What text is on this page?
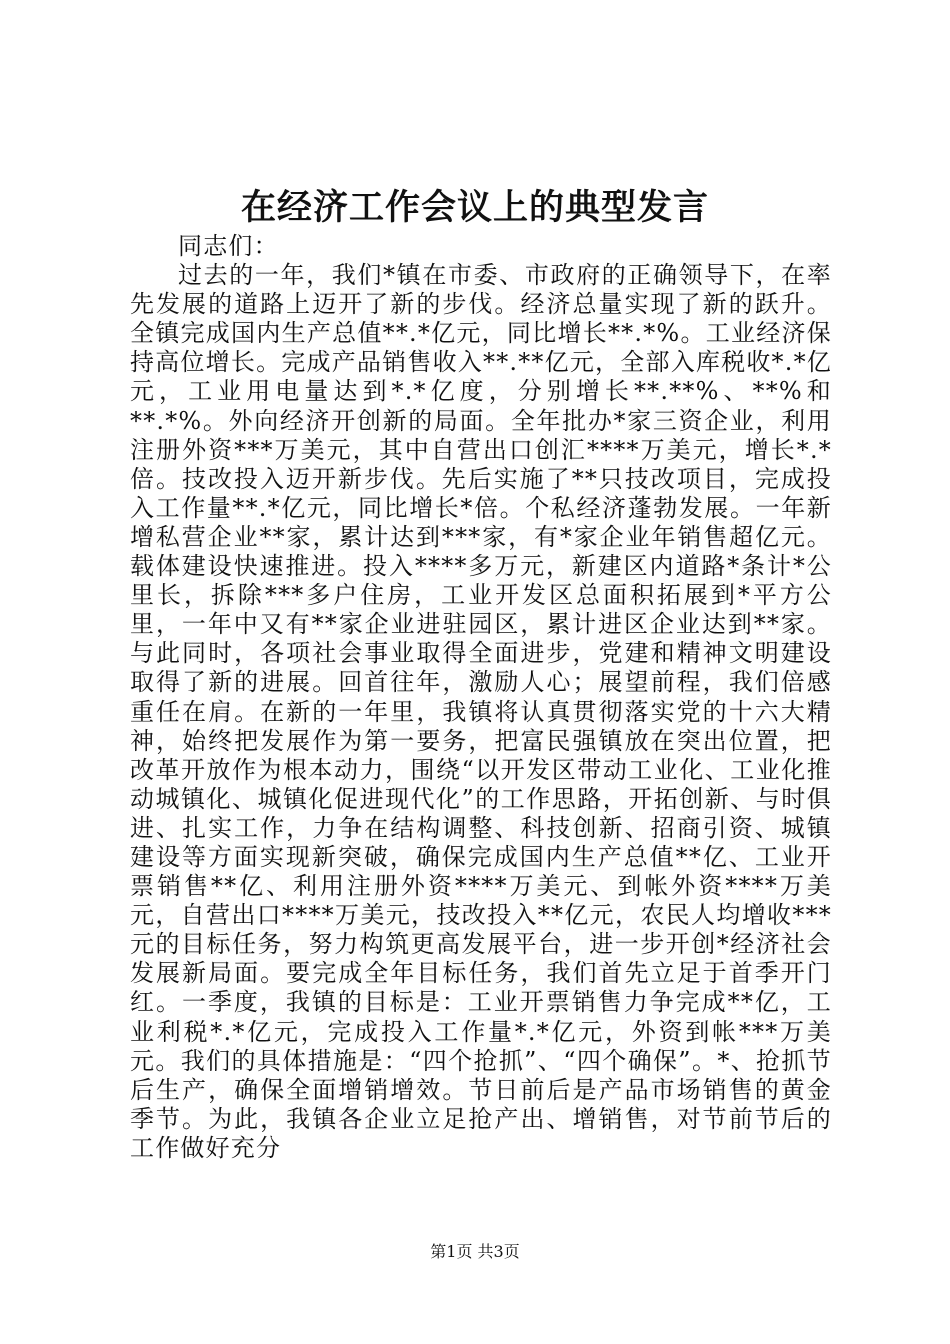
在经济工作会议上的典型发言

同志们：

过去的一年，我们*镇在市委、市政府的正确领导下，在率先发展的道路上迈开了新的步伐。经济总量实现了新的跃升。全镇完成国内生产总值**.*亿元，同比增长**.*%。工业经济保持高位增长。完成产品销售收入**.**亿元，全部入库税收*.*亿元，工业用电量达到*.*亿度，分别增长**.**%、**%和**.*%。外向经济开创新的局面。全年批办*家三资企业，利用注册外资***万美元，其中自营出口创汇****万美元，增长*.*倍。技改投入迈开新步伐。先后实施了**只技改项目，完成投入工作量**.*亿元，同比增长*倍。个私经济蓬勃发展。一年新增私营企业**家，累计达到***家，有*家企业年销售超亿元。载体建设快速推进。投入****多万元，新建区内道路*条计*公里长，拆除***多户住房，工业开发区总面积拓展到*平方公里，一年中又有**家企业进驻园区，累计进区企业达到**家。与此同时，各项社会事业取得全面进步，党建和精神文明建设取得了新的进展。回首往年，激励人心；展望前程，我们倍感重任在肩。在新的一年里，我镇将认真贯彻落实党的十六大精神，始终把发展作为第一要务，把富民强镇放在突出位置，把改革开放作为根本动力，围绕“以开发区带动工业化、工业化推动城镇化、城镇化促进现代化”的工作思路，开拓创新、与时俱进、扎实工作，力争在结构调整、科技创新、招商引资、城镇建设等方面实现新突破，确保完成国内生产总值**亿、工业开票销售**亿、利用注册外资****万美元、到帐外资****万美元，自营出口****万美元，技改投入**亿元，农民人均增收***元的目标任务，努力构筑更高发展平台，进一步开创*经济社会发展新局面。要完成全年目标任务，我们首先立足于首季开门红。一季度，我镇的目标是：工业开票销售力争完成**亿，工业利税*.*亿元，完成投入工作量*.*亿元，外资到帐***万美元。我们的具体措施是：“四个抢抓”、“四个确保”。*、抢抓节后生产，确保全面增销增效。节日前后是产品市场销售的黄金季节。为此，我镇各企业立足抢产出、增销售，对节前节后的工作做好充分

第1页 共3页
